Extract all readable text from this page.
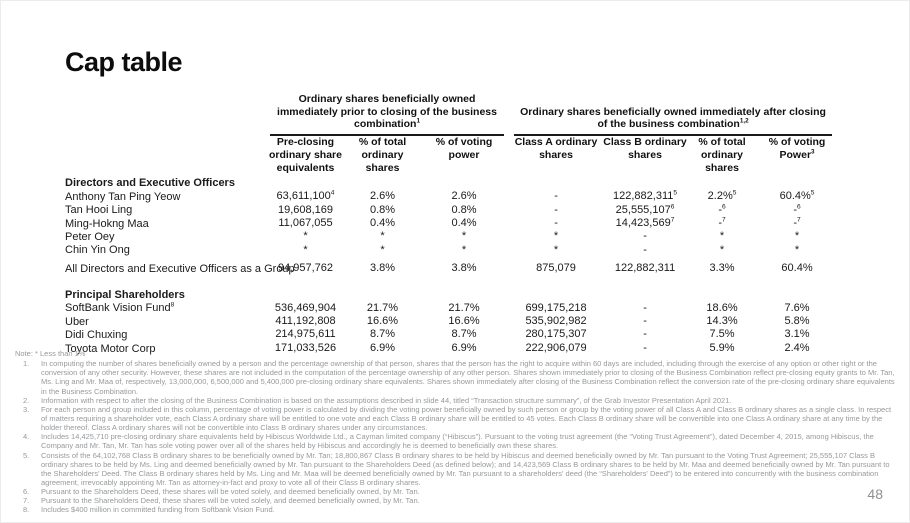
Cap table

	Ordinary shares beneficially owned immediately prior to closing of the business combination$^1$			Ordinary shares beneficially owned immediately after closing of the business combination$^{1,2}$

	Pre-closing ordinary share equivalents	% of total ordinary shares	% of voting power	Class A ordinary shares	Class B ordinary shares	% of total ordinary shares	% of voting Power$^3$
Directors and Executive Officers							
Anthony Tan Ping Yeow	63,611,100$^4$	2.6%	2.6%	-	122,882,311$^5$	2.2%$^5$	60.4%$^5$
Tan Hooi Ling	19,608,169	0.8%	0.8%	-	25,555,107$^6$	-$^6$	-$^6$
Ming-Hokng Maa	11,067,055	0.4%	0.4%	-	14,423,569$^7$	-$^7$	-$^7$
Peter Oey	*	*	*	*	-	*	*
Chin Yin Ong	*	*	*	*	-	*	*
All Directors and Executive Officers as a Group	94,957,762	3.8%	3.8%	875,079	122,882,311	3.3%	60.4%

Principal Shareholders							
SoftBank Vision Fund$^8$	536,469,904	21.7%	21.7%	699,175,218	-	18.6%	7.6%
Uber	411,192,808	16.6%	16.6%	535,902,982	-	14.3%	5.8%
Didi Chuxing	214,975,611	8.7%	8.7%	280,175,307	-	7.5%	3.1%
Toyota Motor Corp	171,033,526	6.9%	6.9%	222,906,079	-	5.9%	2.4%
Note: * Less than 1%
1.	In computing the number of shares beneficially owned by a person and the percentage ownership of that person, shares that the person has the right to acquire within 60 days are included, including through the exercise of any option or other right or the conversion of any other security. However, these shares are not included in the computation of the percentage ownership of any other person. Shares shown immediately prior to closing of the Business Combination reflect pre-closing equity grants to Mr. Tan, Ms. Ling and Mr. Maa of, respectively, 13,000,000, 6,500,000 and 5,400,000 pre-closing ordinary share equivalents. Shares shown immediately after closing of the Business Combination reflect the conversion rate of the pre-closing ordinary share equivalents in the Business Combination.
2.	Information with respect to after the closing of the Business Combination is based on the assumptions described in slide 44, titled “Transaction structure summary”, of the Grab Investor Presentation April 2021.
3.	For each person and group included in this column, percentage of voting power is calculated by dividing the voting power beneficially owned by such person or group by the voting power of all Class A and Class B ordinary shares as a single class. In respect of matters requiring a shareholder vote, each Class A ordinary share will be entitled to one vote and each Class B ordinary share will be entitled to 45 votes. Each Class B ordinary share will be convertible into one Class A ordinary share at any time by the holder thereof. Class A ordinary shares will not be convertible into Class B ordinary shares under any circumstances.
4.	Includes 14,425,710 pre-closing ordinary share equivalents held by Hibiscus Worldwide Ltd., a Cayman limited company (“Hibiscus”). Pursuant to the voting trust agreement (the “Voting Trust Agreement”), dated December 4, 2015, among Hibiscus, the Company and Mr. Tan, Mr. Tan has sole voting power over all of the shares held by Hibiscus and accordingly he is deemed to beneficially own these shares.
5.	Consists of the 64,102,768 Class B ordinary shares to be beneficially owned by Mr. Tan; 18,800,867 Class B ordinary shares to be held by Hibiscus and deemed beneficially owned by Mr. Tan pursuant to the Voting Trust Agreement; 25,555,107 Class B ordinary shares to be held by Ms. Ling and deemed beneficially owned by Mr. Tan pursuant to the Shareholders Deed (as defined below); and 14,423,569 Class B ordinary shares to be held by Mr. Maa and deemed beneficially owned by Mr. Tan pursuant to the Shareholders' Deed. The Class B ordinary shares held by Ms. Ling and Mr. Maa will be deemed beneficially owned by Mr. Tan pursuant to a shareholders' deed (the “Shareholders' Deed”) to be entered into concurrently with the business combination agreement, irrevocably appointing Mr. Tan as attorney-in-fact and proxy to vote all of their Class B ordinary shares.
6.	Pursuant to the Shareholders Deed, these shares will be voted solely, and deemed beneficially owned, by Mr. Tan.
7.	Pursuant to the Shareholders Deed, these shares will be voted solely, and deemed beneficially owned, by Mr. Tan.
8.	Includes $400 million in committed funding from Softbank Vision Fund.
48
